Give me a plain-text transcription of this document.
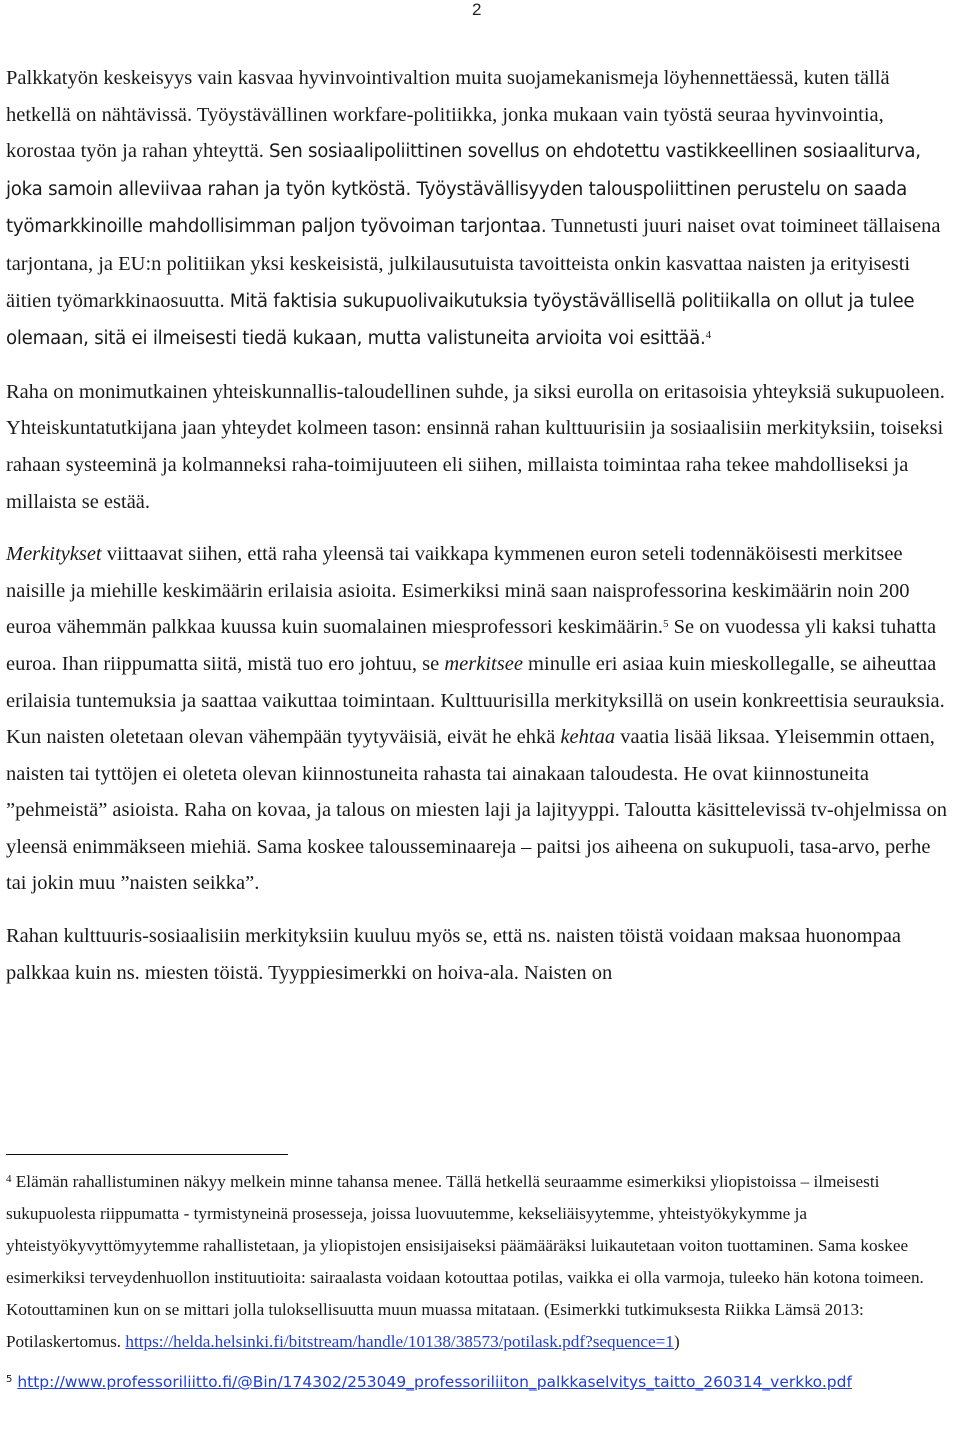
2

Palkkatyön keskeisyys vain kasvaa hyvinvointivaltion muita suojamekanismeja löyhennettäessä, kuten tällä hetkellä on nähtävissä. Työystävällinen workfare-politiikka, jonka mukaan vain työstä seuraa hyvinvointia, korostaa työn ja rahan yhteyttä. Sen sosiaalipoliittinen sovellus on ehdotettu vastikkeellinen sosiaaliturva, joka samoin alleviivaa rahan ja työn kytköstä. Työystävällisyyden talouspoliittinen perustelu on saada työmarkkinoille mahdollisimman paljon työvoiman tarjontaa. Tunnetusti juuri naiset ovat toimineet tällaisena tarjontana, ja EU:n politiikan yksi keskeisistä, julkilausutuista tavoitteista onkin kasvattaa naisten ja erityisesti äitien työmarkkinaosuutta. Mitä faktisia sukupuolivaikutuksia työystävällisellä politiikalla on ollut ja tulee olemaan, sitä ei ilmeisesti tiedä kukaan, mutta valistuneita arvioita voi esittää.$^4$

Raha on monimutkainen yhteiskunnallis-taloudellinen suhde, ja siksi eurolla on eritasoisia yhteyksiä sukupuoleen. Yhteiskuntatutkijana jaan yhteydet kolmeen tason: ensinnä rahan kulttuurisiin ja sosiaalisiin merkityksiin, toiseksi rahaan systeeminä ja kolmanneksi raha-toimijuuteen eli siihen, millaista toimintaa raha tekee mahdolliseksi ja millaista se estää.

Merkitykset viittaavat siihen, että raha yleensä tai vaikkapa kymmenen euron seteli todennäköisesti merkitsee naisille ja miehille keskimäärin erilaisia asioita. Esimerkiksi minä saan naisprofessorina keskimäärin noin 200 euroa vähemmän palkkaa kuussa kuin suomalainen miesprofessori keskimäärin.$^5$ Se on vuodessa yli kaksi tuhatta euroa. Ihan riippumatta siitä, mistä tuo ero johtuu, se merkitsee minulle eri asiaa kuin mieskollegalle, se aiheuttaa erilaisia tuntemuksia ja saattaa vaikuttaa toimintaan. Kulttuurisilla merkityksillä on usein konkreettisia seurauksia. Kun naisten oletetaan olevan vähempään tyytyväisiä, eivät he ehkä kehtaa vaatia lisää liksaa. Yleisemmin ottaen, naisten tai tyttöjen ei oleteta olevan kiinnostuneita rahasta tai ainakaan taloudesta. He ovat kiinnostuneita ”pehmeistä” asioista. Raha on kovaa, ja talous on miesten laji ja lajityyppi. Taloutta käsittelevissä tv-ohjelmissa on yleensä enimmäkseen miehiä. Sama koskee talousseminaareja – paitsi jos aiheena on sukupuoli, tasa-arvo, perhe tai jokin muu ”naisten seikka”.

Rahan kulttuuris-sosiaalisiin merkityksiin kuuluu myös se, että ns. naisten töistä voidaan maksaa huonompaa palkkaa kuin ns. miesten töistä. Tyyppiesimerkki on hoiva-ala. Naisten on

$^4$ Elämän rahallistuminen näkyy melkein minne tahansa menee. Tällä hetkellä seuraamme esimerkiksi yliopistoissa – ilmeisesti sukupuolesta riippumatta - tyrmistyneinä prosesseja, joissa luovuutemme, kekseliäisyytemme, yhteistyökykymme ja yhteistyökyvyttömyytemme rahallistetaan, ja yliopistojen ensisijaiseksi päämääräksi luikautetaan voiton tuottaminen. Sama koskee esimerkiksi terveydenhuollon instituutioita: sairaalasta voidaan kotouttaa potilas, vaikka ei olla varmoja, tuleeko hän kotona toimeen. Kotouttaminen kun on se mittari jolla tuloksellisuutta muun muassa mitataan. (Esimerkki tutkimuksesta Riikka Lämsä 2013: Potilaskertomus. https://helda.helsinki.fi/bitstream/handle/10138/38573/potilask.pdf?sequence=1)

$^5$ http://www.professoriliitto.fi/@Bin/174302/253049_professoriliiton_palkkaselvitys_taitto_260314_verkko.pdf
